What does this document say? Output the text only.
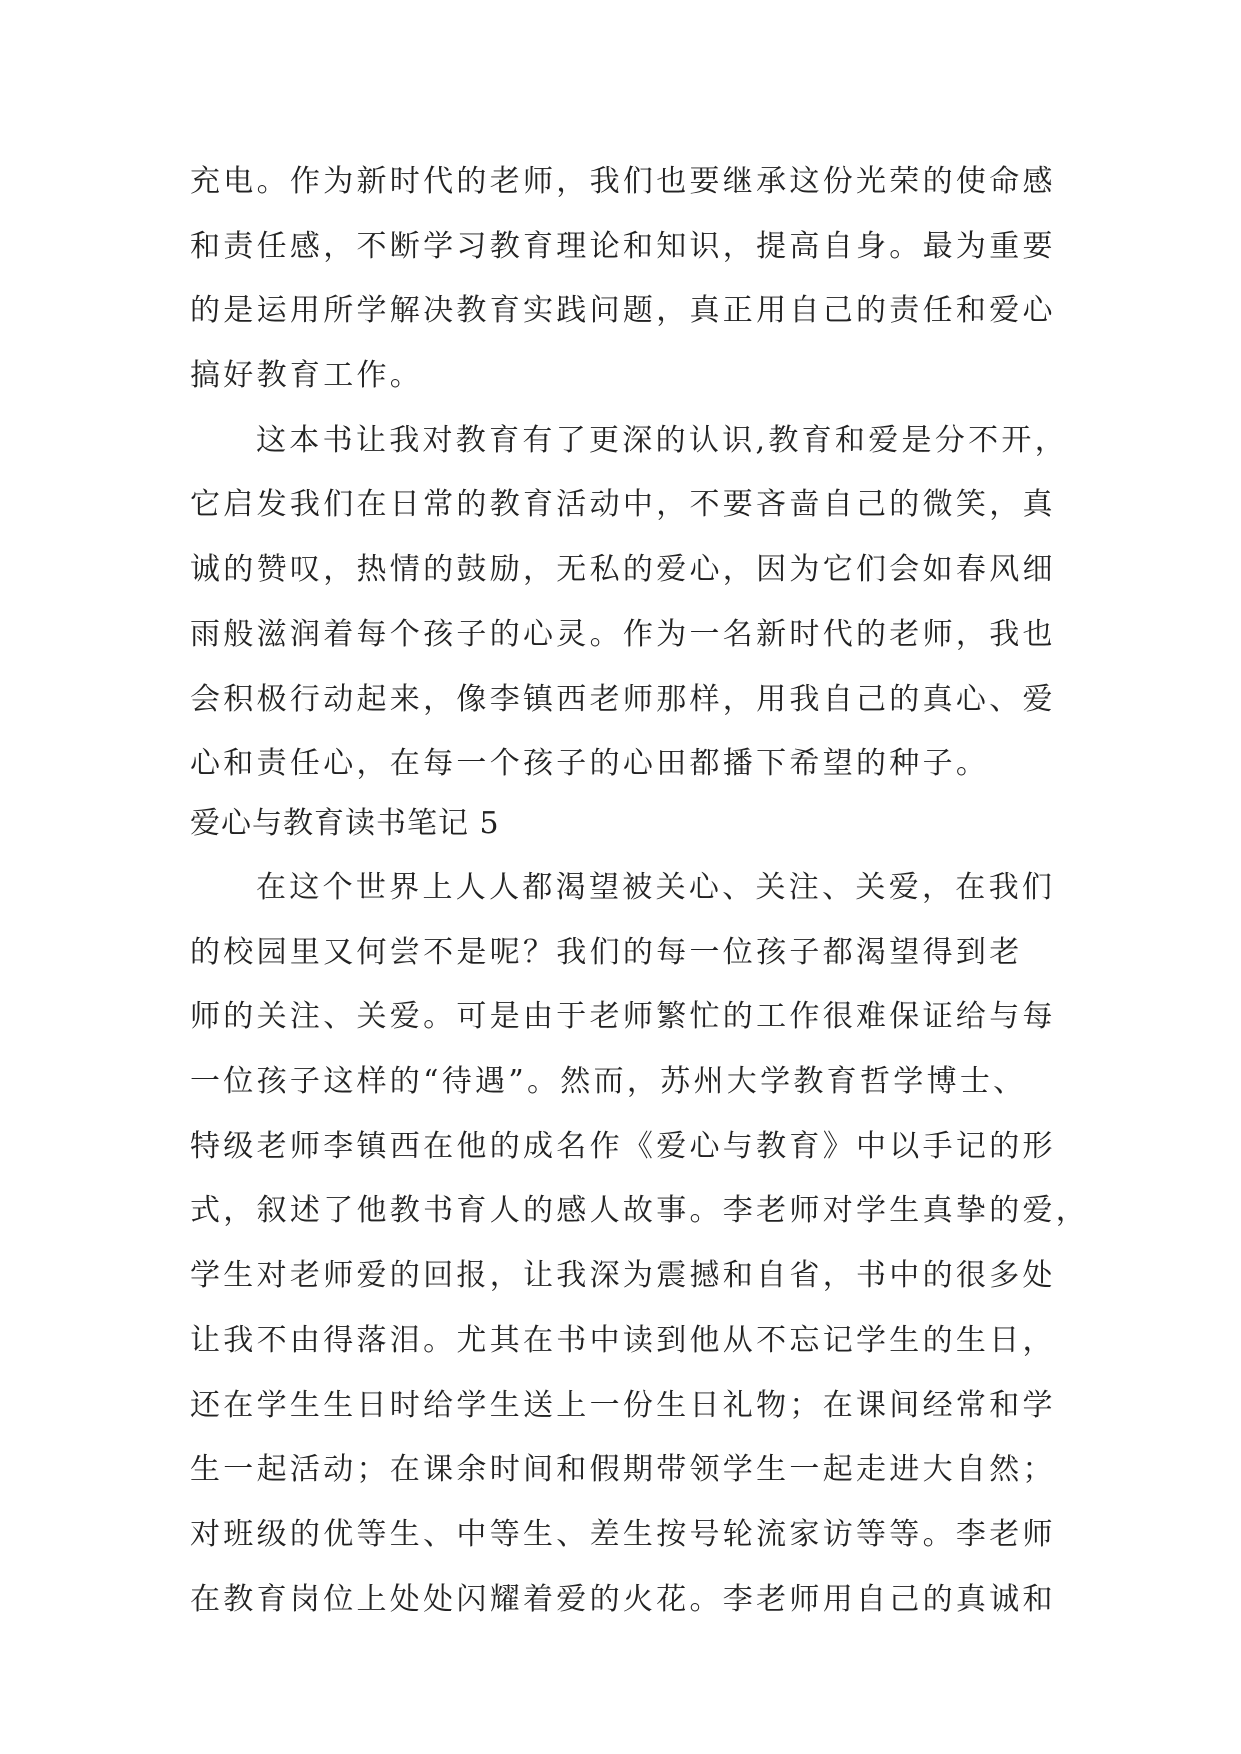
充电。作为新时代的老师，我们也要继承这份光荣的使命感
和责任感，不断学习教育理论和知识，提高自身。最为重要
的是运用所学解决教育实践问题，真正用自己的责任和爱心
搞好教育工作。
这本书让我对教育有了更深的认识,教育和爱是分不开，
它启发我们在日常的教育活动中，不要吝啬自己的微笑，真
诚的赞叹，热情的鼓励，无私的爱心，因为它们会如春风细
雨般滋润着每个孩子的心灵。作为一名新时代的老师，我也
会积极行动起来，像李镇西老师那样，用我自己的真心、爱
心和责任心，在每一个孩子的心田都播下希望的种子。
爱心与教育读书笔记 5
在这个世界上人人都渴望被关心、关注、关爱，在我们
的校园里又何尝不是呢？我们的每一位孩子都渴望得到老
师的关注、关爱。可是由于老师繁忙的工作很难保证给与每
一位孩子这样的“待遇”。然而，苏州大学教育哲学博士、
特级老师李镇西在他的成名作《爱心与教育》中以手记的形
式，叙述了他教书育人的感人故事。李老师对学生真挚的爱，
学生对老师爱的回报，让我深为震撼和自省，书中的很多处
让我不由得落泪。尤其在书中读到他从不忘记学生的生日，
还在学生生日时给学生送上一份生日礼物；在课间经常和学
生一起活动；在课余时间和假期带领学生一起走进大自然；
对班级的优等生、中等生、差生按号轮流家访等等。李老师
在教育岗位上处处闪耀着爱的火花。李老师用自己的真诚和
